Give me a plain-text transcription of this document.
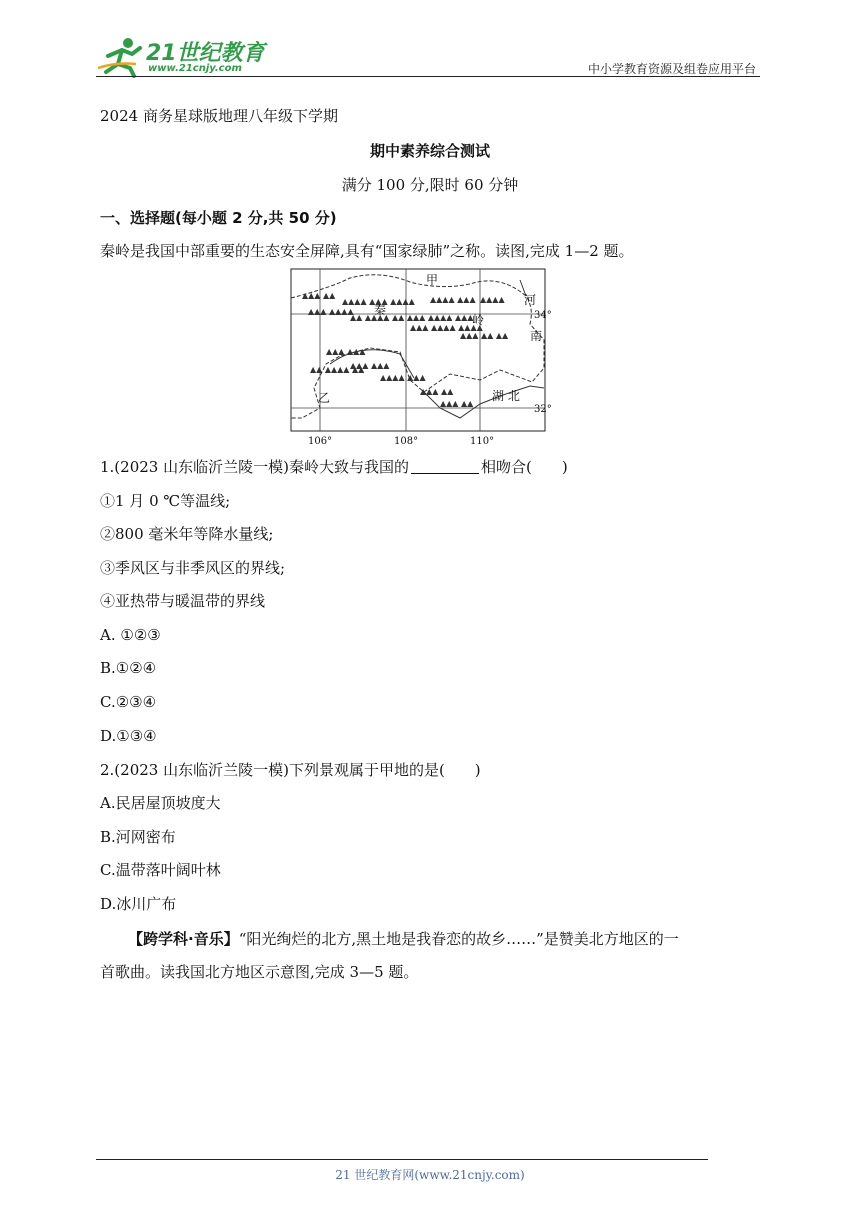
21世纪教育
www.21cnjy.com	中小学教育资源及组卷应用平台
2024 商务星球版地理八年级下学期
期中素养综合测试
满分 100 分,限时 60 分钟
一、选择题(每小题 2 分,共 50 分)
秦岭是我国中部重要的生态安全屏障,具有“国家绿肺”之称。读图,完成 1—2 题。
▲▲▲ ▲▲
▲▲▲▲ ▲▲▲ ▲▲▲▲ ▲▲▲▲ ▲▲▲ ▲▲▲▲
▲▲▲ ▲▲▲▲
▲▲ ▲▲▲▲ ▲▲ ▲▲▲ ▲▲▲▲ ▲▲▲
▲▲▲ ▲▲▲▲ ▲▲▲▲
▲▲▲ ▲▲ ▲▲
▲▲▲ ▲▲▲
▲▲ ▲▲▲▲ ▲▲
▲▲▲ ▲▲▲
▲▲▲▲ ▲▲▲
▲▲▲ ▲▲
▲▲▲ ▲▲
甲
秦
岭
河
南
乙	湖 北
34°
32°
106°	108°	110°
1.(2023 山东临沂兰陵一模)秦岭大致与我国的	相吻合(　　)
①1 月 0 ℃等温线;
②800 毫米年等降水量线;
③季风区与非季风区的界线;
④亚热带与暖温带的界线
A. ①②③
B.①②④
C.②③④
D.①③④
2.(2023 山东临沂兰陵一模)下列景观属于甲地的是(　　)
A.民居屋顶坡度大
B.河网密布
C.温带落叶阔叶林
D.冰川广布
【跨学科·音乐】“阳光绚烂的北方,黑土地是我眷恋的故乡……”是赞美北方地区的一
首歌曲。读我国北方地区示意图,完成 3—5 题。
21 世纪教育网(www.21cnjy.com)
